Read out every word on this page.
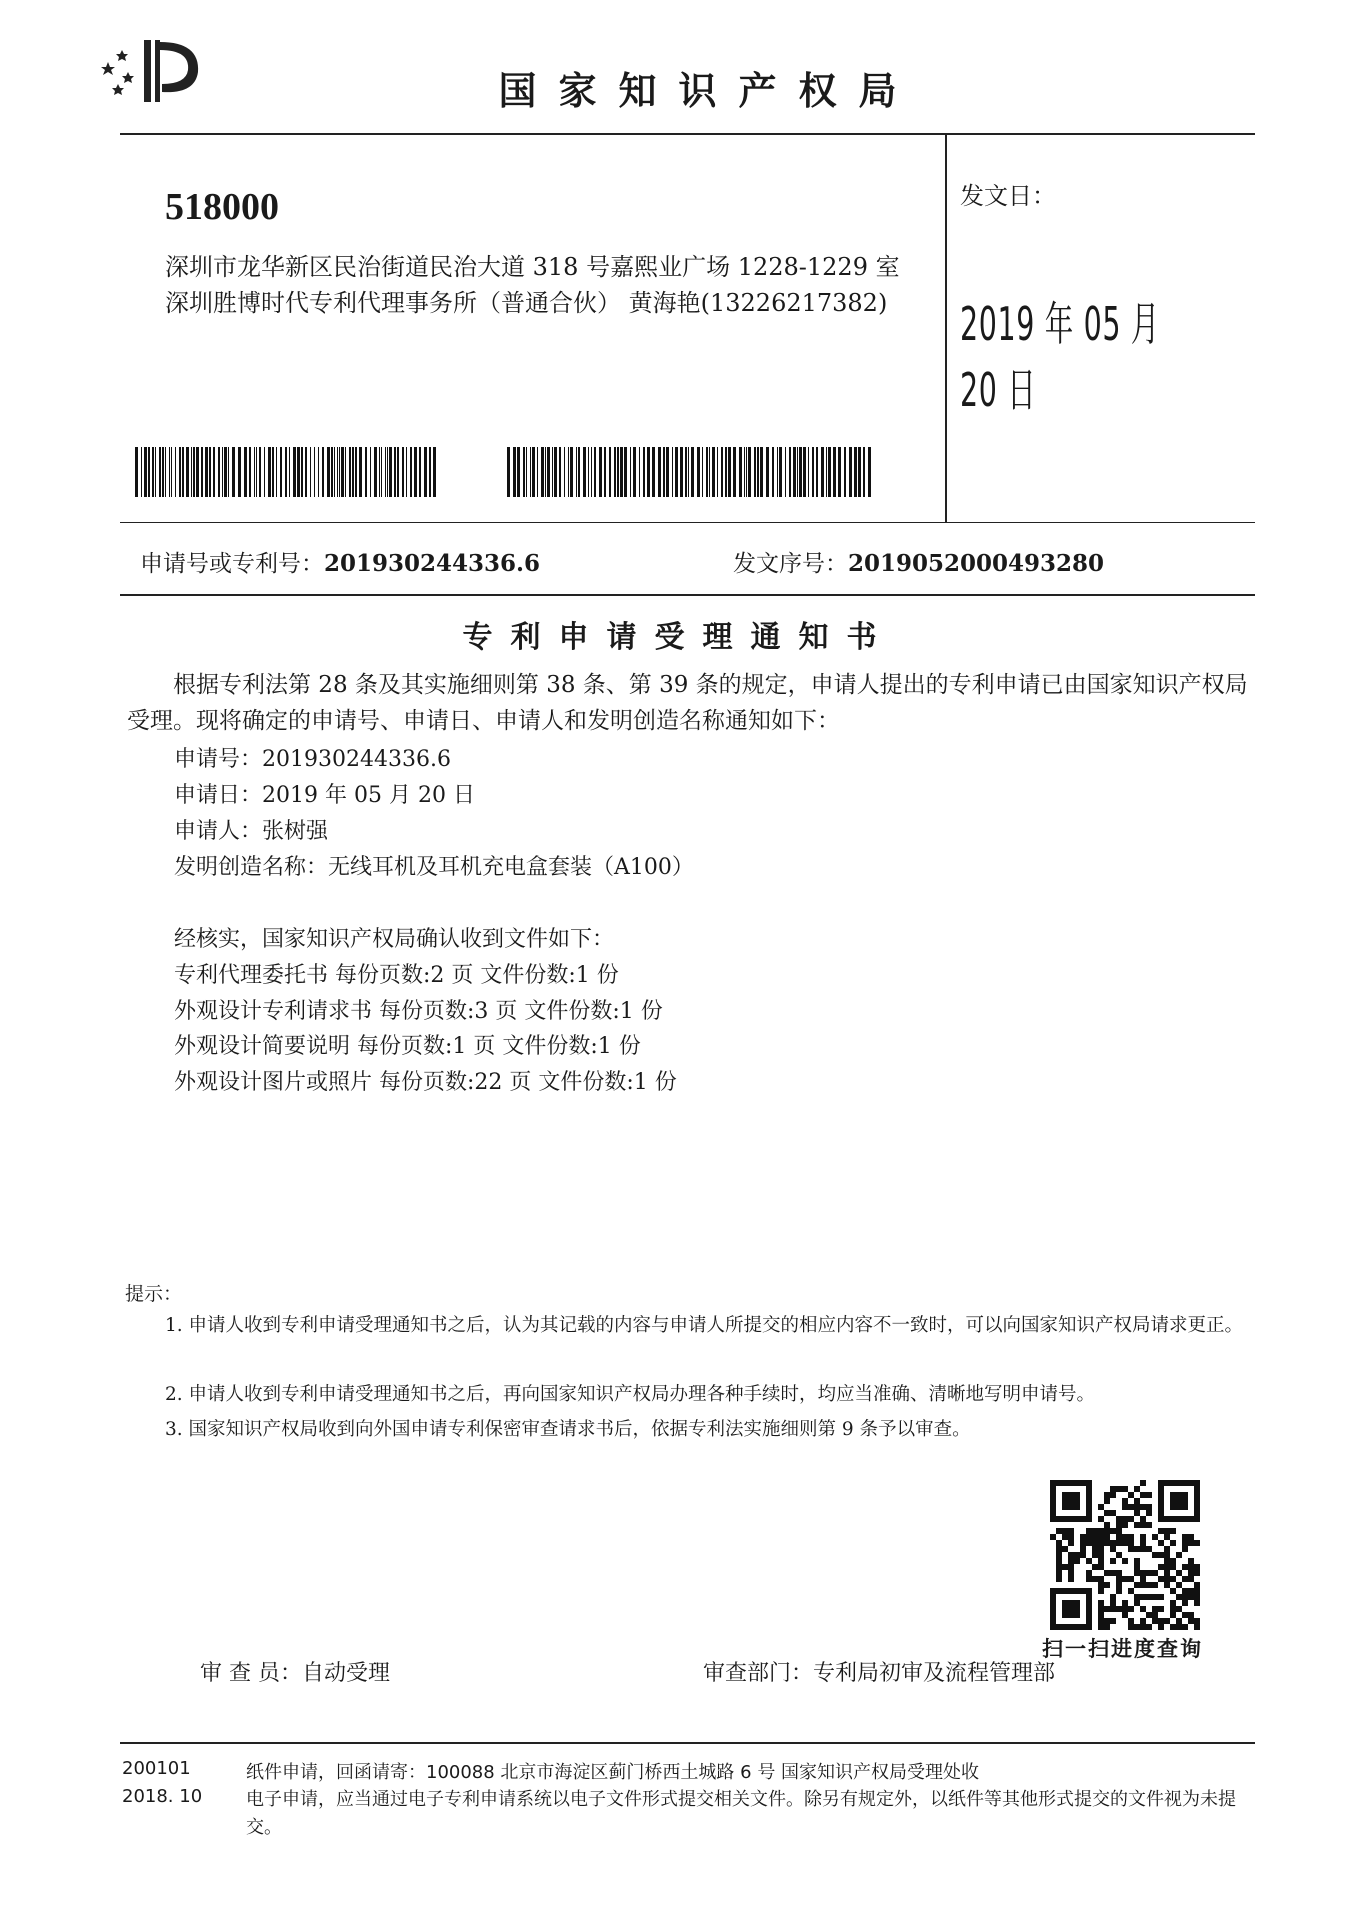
国家知识产权局
518000
深圳市龙华新区民治街道民治大道 318 号嘉熙业广场 1228-1229 室
深圳胜博时代专利代理事务所（普通合伙） 黄海艳(13226217382)
发文日：
2019 年 05 月 20 日
申请号或专利号：201930244336.6	发文序号：2019052000493280
专利申请受理通知书
根据专利法第 28 条及其实施细则第 38 条、第 39 条的规定，申请人提出的专利申请已由国家知识产权局受理。现将确定的申请号、申请日、申请人和发明创造名称通知如下：
申请号：201930244336.6
申请日：2019 年 05 月 20 日
申请人：张树强
发明创造名称：无线耳机及耳机充电盒套装（A100）
经核实，国家知识产权局确认收到文件如下：
专利代理委托书 每份页数:2 页 文件份数:1 份
外观设计专利请求书 每份页数:3 页 文件份数:1 份
外观设计简要说明 每份页数:1 页 文件份数:1 份
外观设计图片或照片 每份页数:22 页 文件份数:1 份
提示：
1. 申请人收到专利申请受理通知书之后，认为其记载的内容与申请人所提交的相应内容不一致时，可以向国家知识产权局请求更正。
2. 申请人收到专利申请受理通知书之后，再向国家知识产权局办理各种手续时，均应当准确、清晰地写明申请号。
3. 国家知识产权局收到向外国申请专利保密审查请求书后，依据专利法实施细则第 9 条予以审查。
扫一扫进度查询
审 查 员：自动受理	审查部门：专利局初审及流程管理部
200101
2018. 10
纸件申请，回函请寄：100088 北京市海淀区蓟门桥西土城路 6 号 国家知识产权局受理处收
电子申请，应当通过电子专利申请系统以电子文件形式提交相关文件。除另有规定外，以纸件等其他形式提交的文件视为未提交。
